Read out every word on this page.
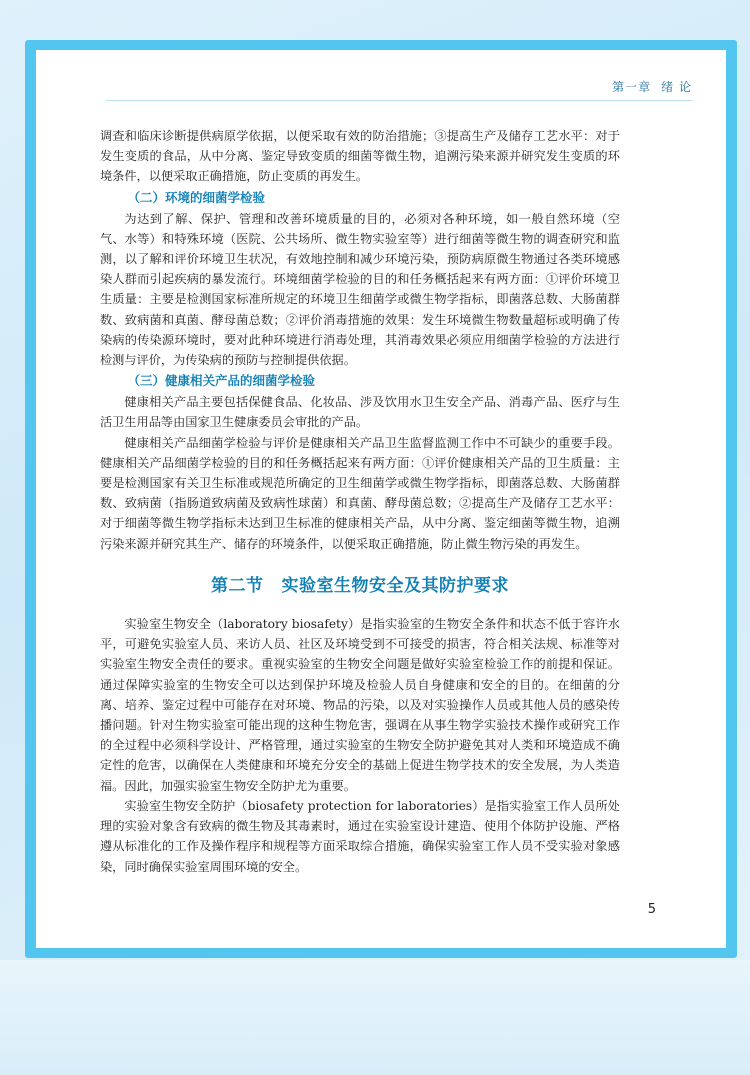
第一章 绪 论

调查和临床诊断提供病原学依据，以便采取有效的防治措施；③提高生产及储存工艺水平：对于发生变质的食品，从中分离、鉴定导致变质的细菌等微生物，追溯污染来源并研究发生变质的环境条件，以便采取正确措施，防止变质的再发生。

（二）环境的细菌学检验

为达到了解、保护、管理和改善环境质量的目的，必须对各种环境，如一般自然环境（空气、水等）和特殊环境（医院、公共场所、微生物实验室等）进行细菌等微生物的调查研究和监测，以了解和评价环境卫生状况，有效地控制和减少环境污染，预防病原微生物通过各类环境感染人群而引起疾病的暴发流行。环境细菌学检验的目的和任务概括起来有两方面：①评价环境卫生质量：主要是检测国家标准所规定的环境卫生细菌学或微生物学指标，即菌落总数、大肠菌群数、致病菌和真菌、酵母菌总数；②评价消毒措施的效果：发生环境微生物数量超标或明确了传染病的传染源环境时，要对此种环境进行消毒处理，其消毒效果必须应用细菌学检验的方法进行检测与评价，为传染病的预防与控制提供依据。

（三）健康相关产品的细菌学检验

健康相关产品主要包括保健食品、化妆品、涉及饮用水卫生安全产品、消毒产品、医疗与生活卫生用品等由国家卫生健康委员会审批的产品。

健康相关产品细菌学检验与评价是健康相关产品卫生监督监测工作中不可缺少的重要手段。健康相关产品细菌学检验的目的和任务概括起来有两方面：①评价健康相关产品的卫生质量：主要是检测国家有关卫生标准或规范所确定的卫生细菌学或微生物学指标，即菌落总数、大肠菌群数、致病菌（指肠道致病菌及致病性球菌）和真菌、酵母菌总数；②提高生产及储存工艺水平：对于细菌等微生物学指标未达到卫生标准的健康相关产品，从中分离、鉴定细菌等微生物，追溯污染来源并研究其生产、储存的环境条件，以便采取正确措施，防止微生物污染的再发生。

第二节 实验室生物安全及其防护要求

实验室生物安全（laboratory biosafety）是指实验室的生物安全条件和状态不低于容许水平，可避免实验室人员、来访人员、社区及环境受到不可接受的损害，符合相关法规、标准等对实验室生物安全责任的要求。重视实验室的生物安全问题是做好实验室检验工作的前提和保证。通过保障实验室的生物安全可以达到保护环境及检验人员自身健康和安全的目的。在细菌的分离、培养、鉴定过程中可能存在对环境、物品的污染，以及对实验操作人员或其他人员的感染传播问题。针对生物实验室可能出现的这种生物危害，强调在从事生物学实验技术操作或研究工作的全过程中必须科学设计、严格管理，通过实验室的生物安全防护避免其对人类和环境造成不确定性的危害，以确保在人类健康和环境充分安全的基础上促进生物学技术的安全发展，为人类造福。因此，加强实验室生物安全防护尤为重要。

实验室生物安全防护（biosafety protection for laboratories）是指实验室工作人员所处理的实验对象含有致病的微生物及其毒素时，通过在实验室设计建造、使用个体防护设施、严格遵从标准化的工作及操作程序和规程等方面采取综合措施，确保实验室工作人员不受实验对象感染，同时确保实验室周围环境的安全。

5
